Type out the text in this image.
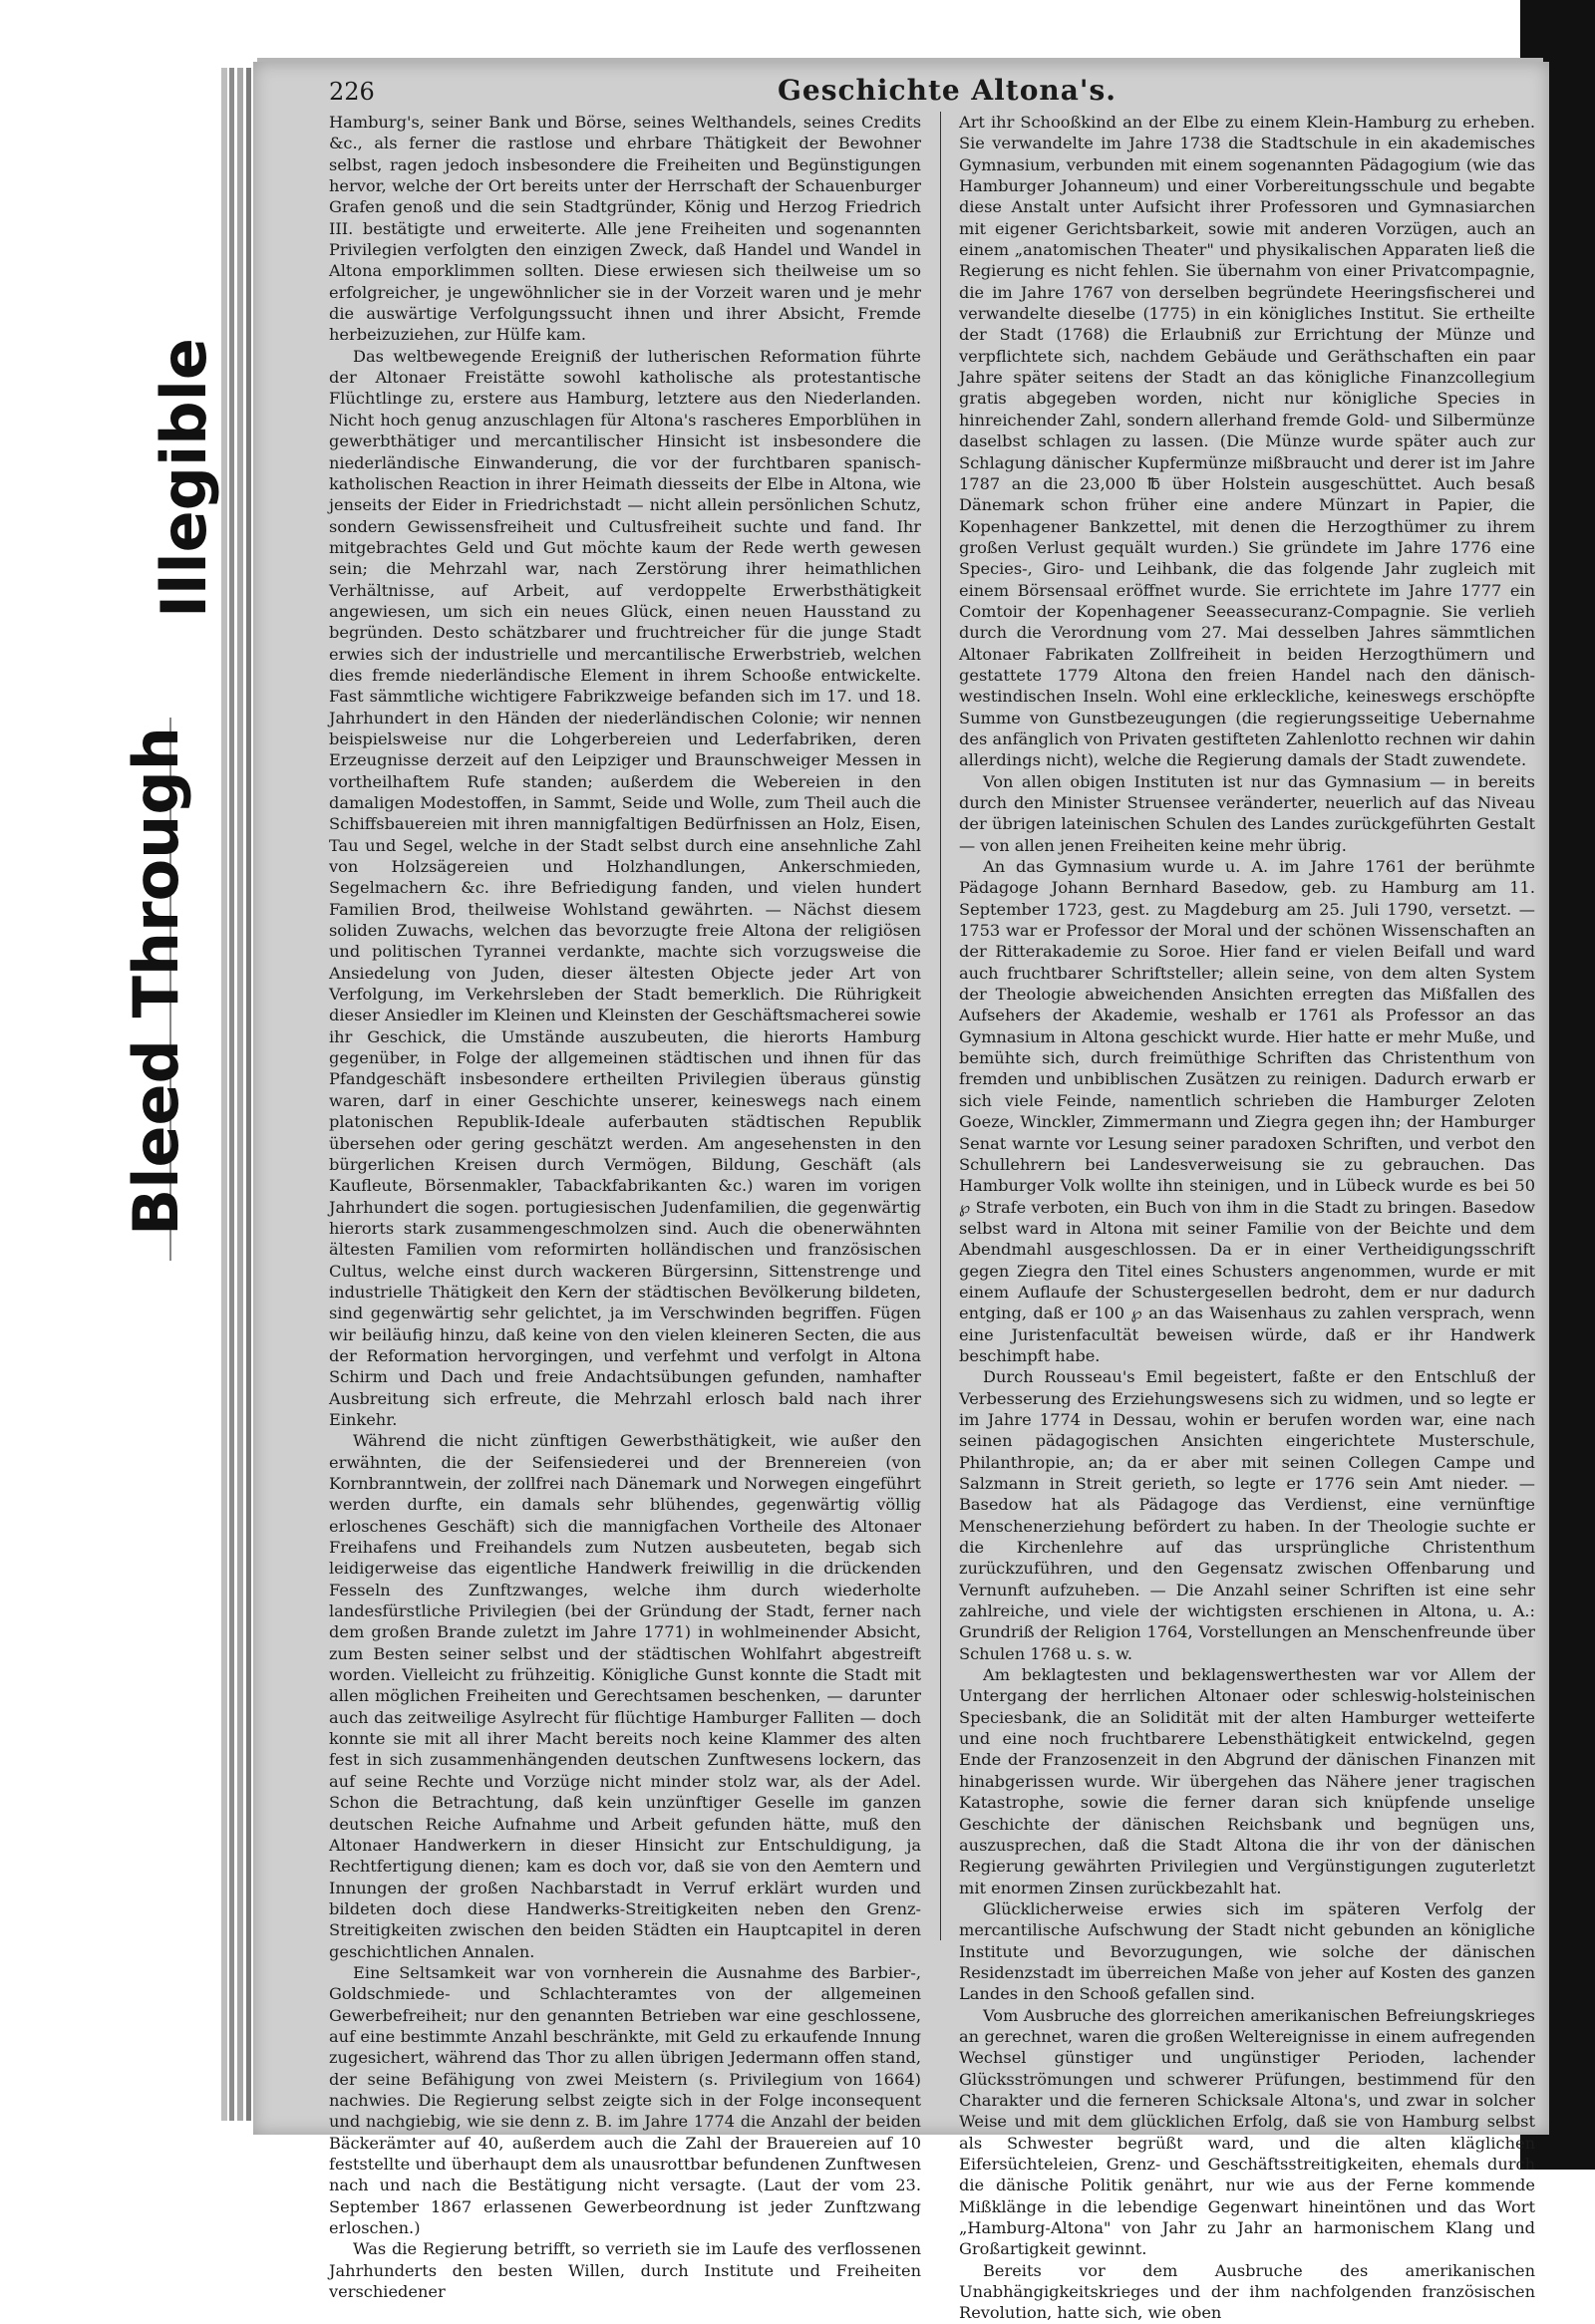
Illegible
Bleed Through
226	Geschichte Altona's.

Hamburg's, seiner Bank und Börse, seines Welthandels, seines Credits &c., als ferner die rastlose und ehrbare Thätigkeit der Bewohner selbst, ragen jedoch insbesondere die Freiheiten und Begünstigungen hervor, welche der Ort bereits unter der Herrschaft der Schauenburger Grafen genoß und die sein Stadtgründer, König und Herzog Friedrich III. bestätigte und erweiterte. Alle jene Freiheiten und sogenannten Privilegien verfolgten den einzigen Zweck, daß Handel und Wandel in Altona emporklimmen sollten. Diese erwiesen sich theilweise um so erfolgreicher, je ungewöhnlicher sie in der Vorzeit waren und je mehr die auswärtige Verfolgungssucht ihnen und ihrer Absicht, Fremde herbeizuziehen, zur Hülfe kam.

Das weltbewegende Ereigniß der lutherischen Reformation führte der Altonaer Freistätte sowohl katholische als protestantische Flüchtlinge zu, erstere aus Hamburg, letztere aus den Niederlanden. Nicht hoch genug anzuschlagen für Altona's rascheres Emporblühen in gewerbthätiger und mercantilischer Hinsicht ist insbesondere die niederländische Einwanderung, die vor der furchtbaren spanisch-katholischen Reaction in ihrer Heimath diesseits der Elbe in Altona, wie jenseits der Eider in Friedrichstadt — nicht allein persönlichen Schutz, sondern Gewissensfreiheit und Cultusfreiheit suchte und fand. Ihr mitgebrachtes Geld und Gut möchte kaum der Rede werth gewesen sein; die Mehrzahl war, nach Zerstörung ihrer heimathlichen Verhältnisse, auf Arbeit, auf verdoppelte Erwerbsthätigkeit angewiesen, um sich ein neues Glück, einen neuen Hausstand zu begründen. Desto schätzbarer und fruchtreicher für die junge Stadt erwies sich der industrielle und mercantilische Erwerbstrieb, welchen dies fremde niederländische Element in ihrem Schooße entwickelte. Fast sämmtliche wichtigere Fabrikzweige befanden sich im 17. und 18. Jahrhundert in den Händen der niederländischen Colonie; wir nennen beispielsweise nur die Lohgerbereien und Lederfabriken, deren Erzeugnisse derzeit auf den Leipziger und Braunschweiger Messen in vortheilhaftem Rufe standen; außerdem die Webereien in den damaligen Modestoffen, in Sammt, Seide und Wolle, zum Theil auch die Schiffsbauereien mit ihren mannigfaltigen Bedürfnissen an Holz, Eisen, Tau und Segel, welche in der Stadt selbst durch eine ansehnliche Zahl von Holzsägereien und Holzhandlungen, Ankerschmieden, Segelmachern &c. ihre Befriedigung fanden, und vielen hundert Familien Brod, theilweise Wohlstand gewährten. — Nächst diesem soliden Zuwachs, welchen das bevorzugte freie Altona der religiösen und politischen Tyrannei verdankte, machte sich vorzugsweise die Ansiedelung von Juden, dieser ältesten Objecte jeder Art von Verfolgung, im Verkehrsleben der Stadt bemerklich. Die Rührigkeit dieser Ansiedler im Kleinen und Kleinsten der Geschäftsmacherei sowie ihr Geschick, die Umstände auszubeuten, die hierorts Hamburg gegenüber, in Folge der allgemeinen städtischen und ihnen für das Pfandgeschäft insbesondere ertheilten Privilegien überaus günstig waren, darf in einer Geschichte unserer, keineswegs nach einem platonischen Republik-Ideale auferbauten städtischen Republik übersehen oder gering geschätzt werden. Am angesehensten in den bürgerlichen Kreisen durch Vermögen, Bildung, Geschäft (als Kaufleute, Börsenmakler, Tabackfabrikanten &c.) waren im vorigen Jahrhundert die sogen. portugiesischen Judenfamilien, die gegenwärtig hierorts stark zusammengeschmolzen sind. Auch die obenerwähnten ältesten Familien vom reformirten holländischen und französischen Cultus, welche einst durch wackeren Bürgersinn, Sittenstrenge und industrielle Thätigkeit den Kern der städtischen Bevölkerung bildeten, sind gegenwärtig sehr gelichtet, ja im Verschwinden begriffen. Fügen wir beiläufig hinzu, daß keine von den vielen kleineren Secten, die aus der Reformation hervorgingen, und verfehmt und verfolgt in Altona Schirm und Dach und freie Andachtsübungen gefunden, namhafter Ausbreitung sich erfreute, die Mehrzahl erlosch bald nach ihrer Einkehr.

Während die nicht zünftigen Gewerbsthätigkeit, wie außer den erwähnten, die der Seifensiederei und der Brennereien (von Kornbranntwein, der zollfrei nach Dänemark und Norwegen eingeführt werden durfte, ein damals sehr blühendes, gegenwärtig völlig erloschenes Geschäft) sich die mannigfachen Vortheile des Altonaer Freihafens und Freihandels zum Nutzen ausbeuteten, begab sich leidigerweise das eigentliche Handwerk freiwillig in die drückenden Fesseln des Zunftzwanges, welche ihm durch wiederholte landesfürstliche Privilegien (bei der Gründung der Stadt, ferner nach dem großen Brande zuletzt im Jahre 1771) in wohlmeinender Absicht, zum Besten seiner selbst und der städtischen Wohlfahrt abgestreift worden. Vielleicht zu frühzeitig. Königliche Gunst konnte die Stadt mit allen möglichen Freiheiten und Gerechtsamen beschenken, — darunter auch das zeitweilige Asylrecht für flüchtige Hamburger Falliten — doch konnte sie mit all ihrer Macht bereits noch keine Klammer des alten fest in sich zusammenhängenden deutschen Zunftwesens lockern, das auf seine Rechte und Vorzüge nicht minder stolz war, als der Adel. Schon die Betrachtung, daß kein unzünftiger Geselle im ganzen deutschen Reiche Aufnahme und Arbeit gefunden hätte, muß den Altonaer Handwerkern in dieser Hinsicht zur Entschuldigung, ja Rechtfertigung dienen; kam es doch vor, daß sie von den Aemtern und Innungen der großen Nachbarstadt in Verruf erklärt wurden und bildeten doch diese Handwerks-Streitigkeiten neben den Grenz-Streitigkeiten zwischen den beiden Städten ein Hauptcapitel in deren geschichtlichen Annalen.

Eine Seltsamkeit war von vornherein die Ausnahme des Barbier-, Goldschmiede- und Schlachteramtes von der allgemeinen Gewerbefreiheit; nur den genannten Betrieben war eine geschlossene, auf eine bestimmte Anzahl beschränkte, mit Geld zu erkaufende Innung zugesichert, während das Thor zu allen übrigen Jedermann offen stand, der seine Befähigung von zwei Meistern (s. Privilegium von 1664) nachwies. Die Regierung selbst zeigte sich in der Folge inconsequent und nachgiebig, wie sie denn z. B. im Jahre 1774 die Anzahl der beiden Bäckerämter auf 40, außerdem auch die Zahl der Brauereien auf 10 feststellte und überhaupt dem als unausrottbar befundenen Zunftwesen nach und nach die Bestätigung nicht versagte. (Laut der vom 23. September 1867 erlassenen Gewerbeordnung ist jeder Zunftzwang erloschen.)

Was die Regierung betrifft, so verrieth sie im Laufe des verflossenen Jahrhunderts den besten Willen, durch Institute und Freiheiten verschiedener

Art ihr Schooßkind an der Elbe zu einem Klein-Hamburg zu erheben. Sie verwandelte im Jahre 1738 die Stadtschule in ein akademisches Gymnasium, verbunden mit einem sogenannten Pädagogium (wie das Hamburger Johanneum) und einer Vorbereitungsschule und begabte diese Anstalt unter Aufsicht ihrer Professoren und Gymnasiarchen mit eigener Gerichtsbarkeit, sowie mit anderen Vorzügen, auch an einem „anatomischen Theater" und physikalischen Apparaten ließ die Regierung es nicht fehlen. Sie übernahm von einer Privatcompagnie, die im Jahre 1767 von derselben begründete Heeringsfischerei und verwandelte dieselbe (1775) in ein königliches Institut. Sie ertheilte der Stadt (1768) die Erlaubniß zur Errichtung der Münze und verpflichtete sich, nachdem Gebäude und Geräthschaften ein paar Jahre später seitens der Stadt an das königliche Finanzcollegium gratis abgegeben worden, nicht nur königliche Species in hinreichender Zahl, sondern allerhand fremde Gold- und Silbermünze daselbst schlagen zu lassen. (Die Münze wurde später auch zur Schlagung dänischer Kupfermünze mißbraucht und derer ist im Jahre 1787 an die 23,000 ℔ über Holstein ausgeschüttet. Auch besaß Dänemark schon früher eine andere Münzart in Papier, die Kopenhagener Bankzettel, mit denen die Herzogthümer zu ihrem großen Verlust gequält wurden.) Sie gründete im Jahre 1776 eine Species-, Giro- und Leihbank, die das folgende Jahr zugleich mit einem Börsensaal eröffnet wurde. Sie errichtete im Jahre 1777 ein Comtoir der Kopenhagener Seeassecuranz-Compagnie. Sie verlieh durch die Verordnung vom 27. Mai desselben Jahres sämmtlichen Altonaer Fabrikaten Zollfreiheit in beiden Herzogthümern und gestattete 1779 Altona den freien Handel nach den dänisch-westindischen Inseln. Wohl eine erkleckliche, keineswegs erschöpfte Summe von Gunstbezeugungen (die regierungsseitige Uebernahme des anfänglich von Privaten gestifteten Zahlenlotto rechnen wir dahin allerdings nicht), welche die Regierung damals der Stadt zuwendete.

Von allen obigen Instituten ist nur das Gymnasium — in bereits durch den Minister Struensee veränderter, neuerlich auf das Niveau der übrigen lateinischen Schulen des Landes zurückgeführten Gestalt — von allen jenen Freiheiten keine mehr übrig.

An das Gymnasium wurde u. A. im Jahre 1761 der berühmte Pädagoge Johann Bernhard Basedow, geb. zu Hamburg am 11. September 1723, gest. zu Magdeburg am 25. Juli 1790, versetzt. — 1753 war er Professor der Moral und der schönen Wissenschaften an der Ritterakademie zu Soroe. Hier fand er vielen Beifall und ward auch fruchtbarer Schriftsteller; allein seine, von dem alten System der Theologie abweichenden Ansichten erregten das Mißfallen des Aufsehers der Akademie, weshalb er 1761 als Professor an das Gymnasium in Altona geschickt wurde. Hier hatte er mehr Muße, und bemühte sich, durch freimüthige Schriften das Christenthum von fremden und unbiblischen Zusätzen zu reinigen. Dadurch erwarb er sich viele Feinde, namentlich schrieben die Hamburger Zeloten Goeze, Winckler, Zimmermann und Ziegra gegen ihn; der Hamburger Senat warnte vor Lesung seiner paradoxen Schriften, und verbot den Schullehrern bei Landesverweisung sie zu gebrauchen. Das Hamburger Volk wollte ihn steinigen, und in Lübeck wurde es bei 50 ℘ Strafe verboten, ein Buch von ihm in die Stadt zu bringen. Basedow selbst ward in Altona mit seiner Familie von der Beichte und dem Abendmahl ausgeschlossen. Da er in einer Vertheidigungsschrift gegen Ziegra den Titel eines Schusters angenommen, wurde er mit einem Auflaufe der Schustergesellen bedroht, dem er nur dadurch entging, daß er 100 ℘ an das Waisenhaus zu zahlen versprach, wenn eine Juristenfacultät beweisen würde, daß er ihr Handwerk beschimpft habe.

Durch Rousseau's Emil begeistert, faßte er den Entschluß der Verbesserung des Erziehungswesens sich zu widmen, und so legte er im Jahre 1774 in Dessau, wohin er berufen worden war, eine nach seinen pädagogischen Ansichten eingerichtete Musterschule, Philanthropie, an; da er aber mit seinen Collegen Campe und Salzmann in Streit gerieth, so legte er 1776 sein Amt nieder. — Basedow hat als Pädagoge das Verdienst, eine vernünftige Menschenerziehung befördert zu haben. In der Theologie suchte er die Kirchenlehre auf das ursprüngliche Christenthum zurückzuführen, und den Gegensatz zwischen Offenbarung und Vernunft aufzuheben. — Die Anzahl seiner Schriften ist eine sehr zahlreiche, und viele der wichtigsten erschienen in Altona, u. A.: Grundriß der Religion 1764, Vorstellungen an Menschenfreunde über Schulen 1768 u. s. w.

Am beklagtesten und beklagenswerthesten war vor Allem der Untergang der herrlichen Altonaer oder schleswig-holsteinischen Speciesbank, die an Solidität mit der alten Hamburger wetteiferte und eine noch fruchtbarere Lebensthätigkeit entwickelnd, gegen Ende der Franzosenzeit in den Abgrund der dänischen Finanzen mit hinabgerissen wurde. Wir übergehen das Nähere jener tragischen Katastrophe, sowie die ferner daran sich knüpfende unselige Geschichte der dänischen Reichsbank und begnügen uns, auszusprechen, daß die Stadt Altona die ihr von der dänischen Regierung gewährten Privilegien und Vergünstigungen zuguterletzt mit enormen Zinsen zurückbezahlt hat.

Glücklicherweise erwies sich im späteren Verfolg der mercantilische Aufschwung der Stadt nicht gebunden an königliche Institute und Bevorzugungen, wie solche der dänischen Residenzstadt im überreichen Maße von jeher auf Kosten des ganzen Landes in den Schooß gefallen sind.

Vom Ausbruche des glorreichen amerikanischen Befreiungskrieges an gerechnet, waren die großen Weltereignisse in einem aufregenden Wechsel günstiger und ungünstiger Perioden, lachender Glücksströmungen und schwerer Prüfungen, bestimmend für den Charakter und die ferneren Schicksale Altona's, und zwar in solcher Weise und mit dem glücklichen Erfolg, daß sie von Hamburg selbst als Schwester begrüßt ward, und die alten kläglichen Eifersüchteleien, Grenz- und Geschäftsstreitigkeiten, ehemals durch die dänische Politik genährt, nur wie aus der Ferne kommende Mißklänge in die lebendige Gegenwart hineintönen und das Wort „Hamburg-Altona" von Jahr zu Jahr an harmonischem Klang und Großartigkeit gewinnt.

Bereits vor dem Ausbruche des amerikanischen Unabhängigkeitskrieges und der ihm nachfolgenden französischen Revolution, hatte sich, wie oben
